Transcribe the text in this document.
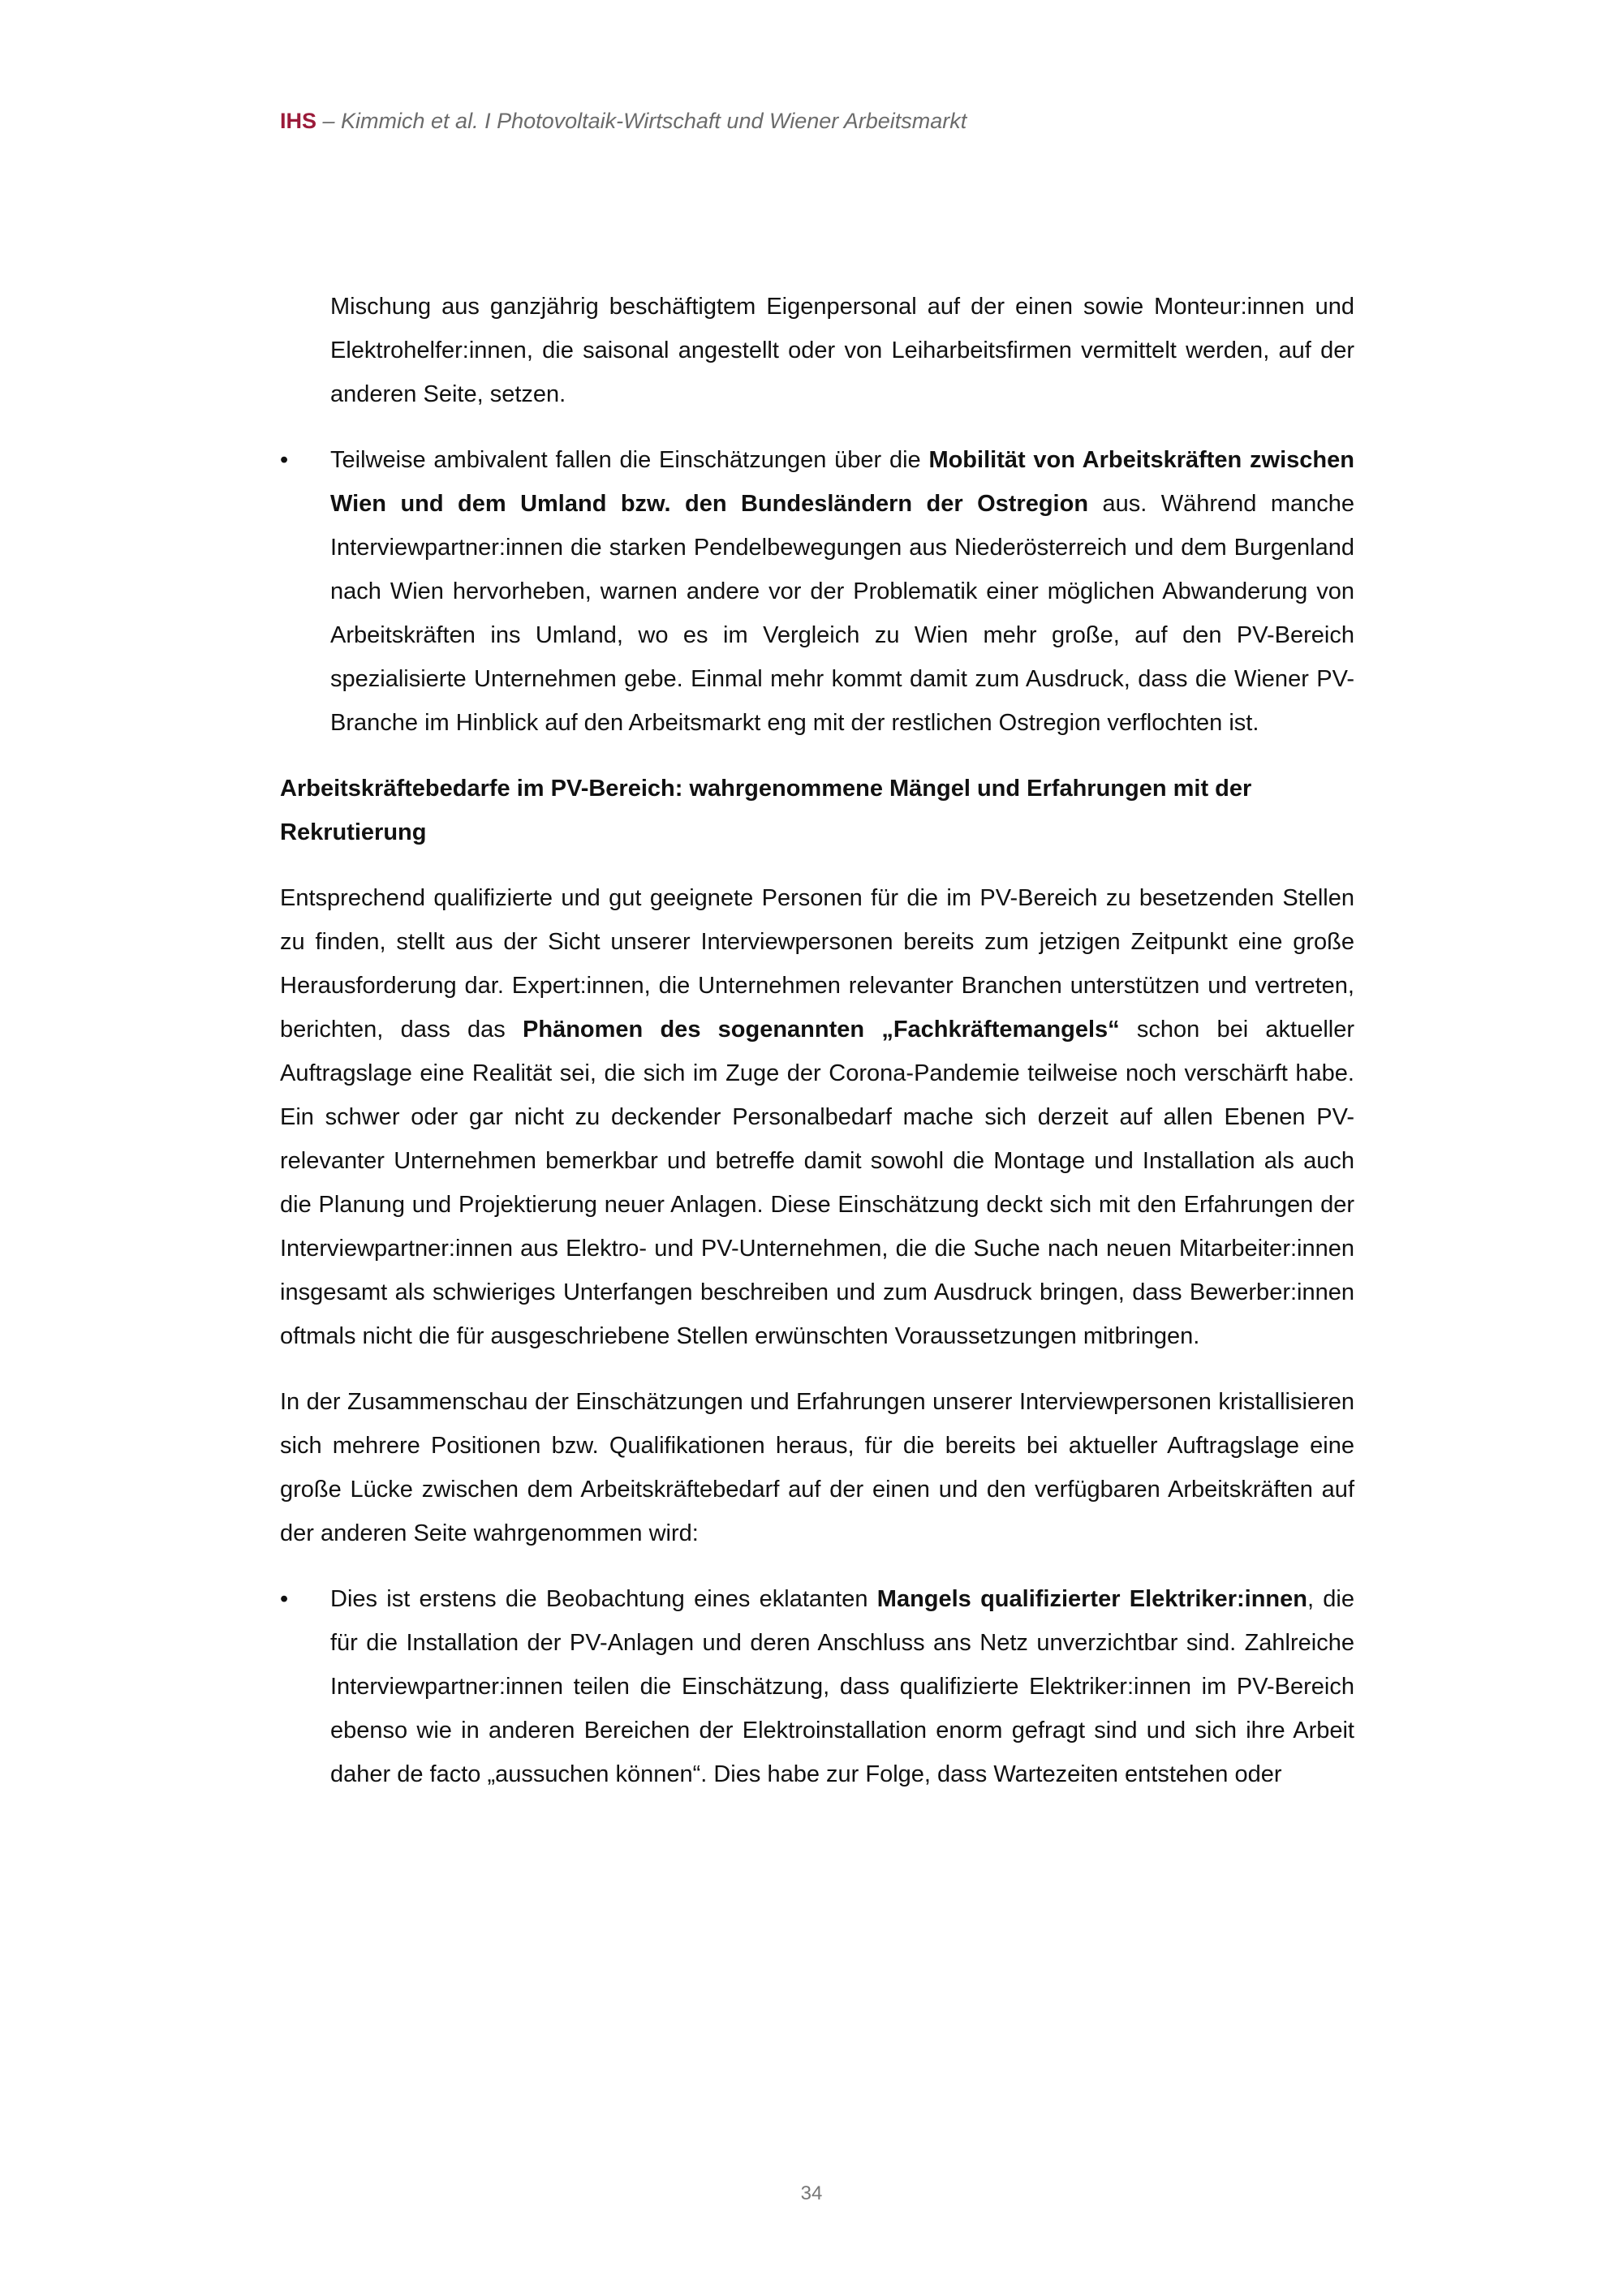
IHS – Kimmich et al. I Photovoltaik-Wirtschaft und Wiener Arbeitsmarkt
Mischung aus ganzjährig beschäftigtem Eigenpersonal auf der einen sowie Monteur:innen und Elektrohelfer:innen, die saisonal angestellt oder von Leiharbeitsfirmen vermittelt werden, auf der anderen Seite, setzen.
• Teilweise ambivalent fallen die Einschätzungen über die Mobilität von Arbeitskräften zwischen Wien und dem Umland bzw. den Bundesländern der Ostregion aus. Während manche Interviewpartner:innen die starken Pendelbewegungen aus Niederösterreich und dem Burgenland nach Wien hervorheben, warnen andere vor der Problematik einer möglichen Abwanderung von Arbeitskräften ins Umland, wo es im Vergleich zu Wien mehr große, auf den PV-Bereich spezialisierte Unternehmen gebe. Einmal mehr kommt damit zum Ausdruck, dass die Wiener PV-Branche im Hinblick auf den Arbeitsmarkt eng mit der restlichen Ostregion verflochten ist.
Arbeitskräftebedarfe im PV-Bereich: wahrgenommene Mängel und Erfahrungen mit der Rekrutierung
Entsprechend qualifizierte und gut geeignete Personen für die im PV-Bereich zu besetzenden Stellen zu finden, stellt aus der Sicht unserer Interviewpersonen bereits zum jetzigen Zeitpunkt eine große Herausforderung dar. Expert:innen, die Unternehmen relevanter Branchen unterstützen und vertreten, berichten, dass das Phänomen des sogenannten „Fachkräftemangels“ schon bei aktueller Auftragslage eine Realität sei, die sich im Zuge der Corona-Pandemie teilweise noch verschärft habe. Ein schwer oder gar nicht zu deckender Personalbedarf mache sich derzeit auf allen Ebenen PV-relevanter Unternehmen bemerkbar und betreffe damit sowohl die Montage und Installation als auch die Planung und Projektierung neuer Anlagen. Diese Einschätzung deckt sich mit den Erfahrungen der Interviewpartner:innen aus Elektro- und PV-Unternehmen, die die Suche nach neuen Mitarbeiter:innen insgesamt als schwieriges Unterfangen beschreiben und zum Ausdruck bringen, dass Bewerber:innen oftmals nicht die für ausgeschriebene Stellen erwünschten Voraussetzungen mitbringen.
In der Zusammenschau der Einschätzungen und Erfahrungen unserer Interviewpersonen kristallisieren sich mehrere Positionen bzw. Qualifikationen heraus, für die bereits bei aktueller Auftragslage eine große Lücke zwischen dem Arbeitskräftebedarf auf der einen und den verfügbaren Arbeitskräften auf der anderen Seite wahrgenommen wird:
• Dies ist erstens die Beobachtung eines eklatanten Mangels qualifizierter Elektriker:innen, die für die Installation der PV-Anlagen und deren Anschluss ans Netz unverzichtbar sind. Zahlreiche Interviewpartner:innen teilen die Einschätzung, dass qualifizierte Elektriker:innen im PV-Bereich ebenso wie in anderen Bereichen der Elektroinstallation enorm gefragt sind und sich ihre Arbeit daher de facto „aussuchen können“. Dies habe zur Folge, dass Wartezeiten entstehen oder
34
